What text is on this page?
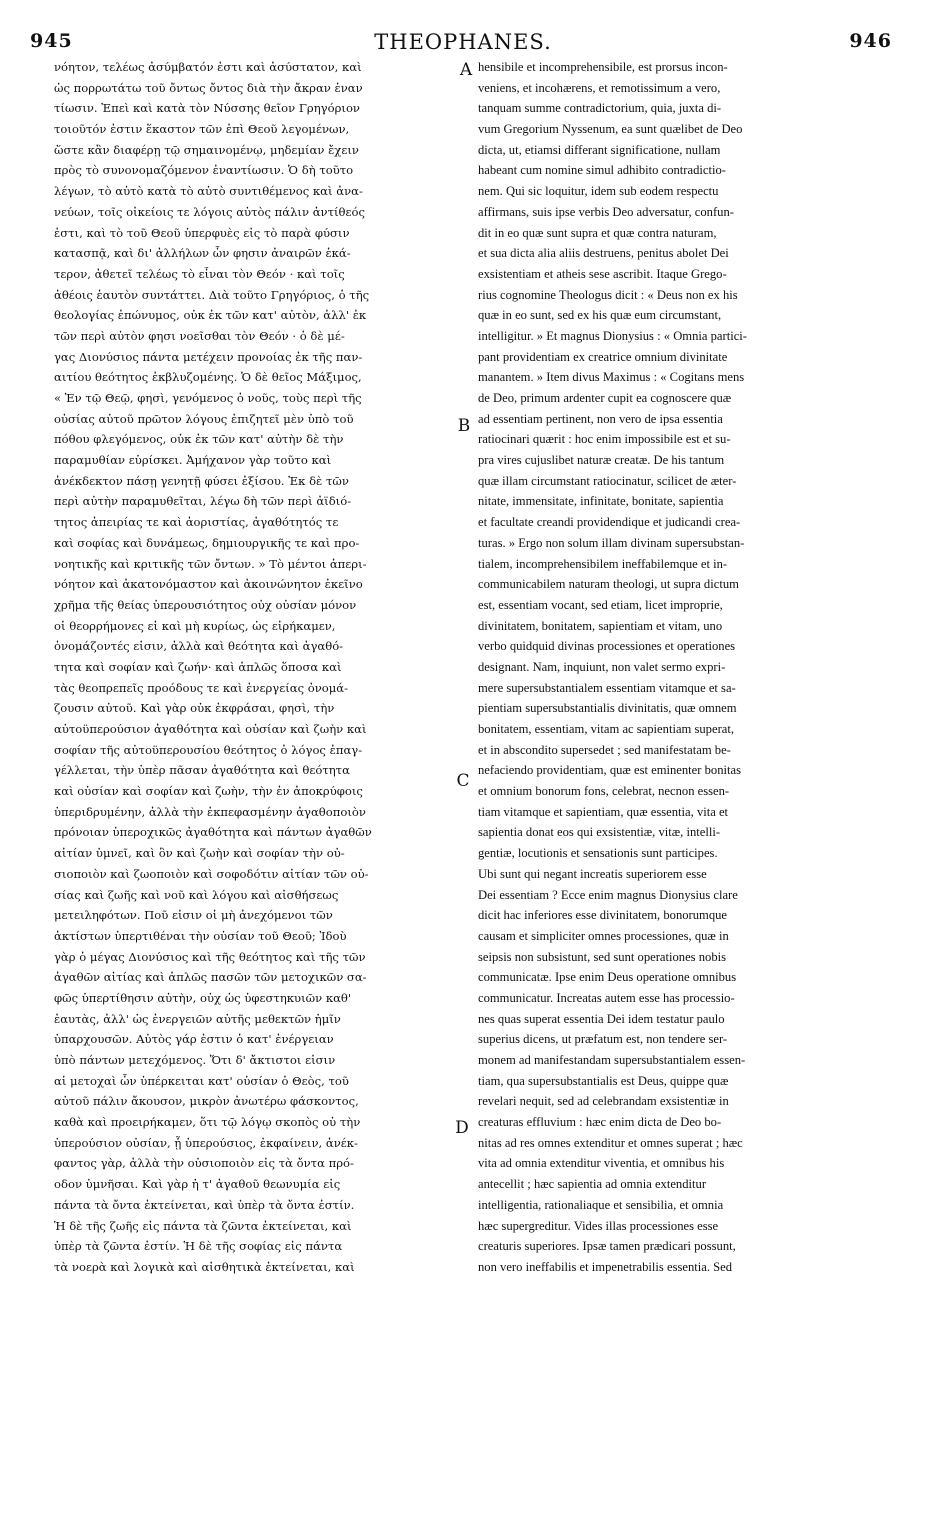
945	THEOPHANES.	946
νόητον, τελέως ἀσύμβατόν ἐστι καὶ ἀσύστατον, καὶ
ὡς πορρωτάτω τοῦ ὄντως ὄντος διὰ τὴν ἄκραν ἐναν
τίωσιν. Ἐπεὶ καὶ κατὰ τὸν Νύσσης θεῖον Γρηγόριον
τοιοῦτόν ἐστιν ἕκαστον τῶν ἐπὶ Θεοῦ λεγομένων,
ὥστε κἂν διαφέρῃ τῷ σημαινομένῳ, μηδεμίαν ἔχειν
πρὸς τὸ συνονομαζόμενον ἐναντίωσιν. Ὁ δὴ τοῦτο
λέγων, τὸ αὐτὸ κατὰ τὸ αὐτὸ συντιθέμενος καὶ ἀνα-
νεύων, τοῖς οἰκείοις τε λόγοις αὐτὸς πάλιν ἀντίθεός
ἐστι, καὶ τὸ τοῦ Θεοῦ ὑπερφυὲς εἰς τὸ παρὰ φύσιν
κατασπᾷ, καὶ δι' ἀλλήλων ὧν φησιν ἀναιρῶν ἑκά-
τερον, ἀθετεῖ τελέως τὸ εἶναι τὸν Θεόν · καὶ τοῖς
ἀθέοις ἑαυτὸν συντάττει. Διὰ τοῦτο Γρηγόριος, ὁ τῆς
θεολογίας ἐπώνυμος, οὐκ ἐκ τῶν κατ' αὐτὸν, ἀλλ' ἐκ
τῶν περὶ αὐτὸν φησι νοεῖσθαι τὸν Θεόν · ὁ δὲ μέ-
γας Διονύσιος πάντα μετέχειν προνοίας ἐκ τῆς παν-
αιτίου θεότητος ἐκβλυζομένης. Ὁ δὲ θεῖος Μάξιμος,
« Ἐν τῷ Θεῷ, φησὶ, γενόμενος ὁ νοῦς, τοὺς περὶ τῆς
οὐσίας αὐτοῦ πρῶτον λόγους ἐπιζητεῖ μὲν ὑπὸ τοῦ
πόθου φλεγόμενος, οὐκ ἐκ τῶν κατ' αὐτὴν δὲ τὴν
παραμυθίαν εὑρίσκει. Ἀμήχανον γὰρ τοῦτο καὶ
ἀνέκδεκτον πάσῃ γενητῇ φύσει ἐξίσου. Ἐκ δὲ τῶν
περὶ αὐτὴν παραμυθεῖται, λέγω δὴ τῶν περὶ ἀϊδιό-
τητος ἀπειρίας τε καὶ ἀοριστίας, ἀγαθότητός τε
καὶ σοφίας καὶ δυνάμεως, δημιουργικῆς τε καὶ προ-
νοητικῆς καὶ κριτικῆς τῶν ὄντων. » Τὸ μέντοι ἀπερι-
νόητον καὶ ἀκατονόμαστον καὶ ἀκοινώνητον ἐκεῖνο
χρῆμα τῆς θείας ὑπερουσιότητος οὐχ οὐσίαν μόνον
οἱ θεορρήμονες εἰ καὶ μὴ κυρίως, ὡς εἰρήκαμεν,
ὀνομάζοντές εἰσιν, ἀλλὰ καὶ θεότητα καὶ ἀγαθό-
τητα καὶ σοφίαν καὶ ζωήν· καὶ ἁπλῶς ὅποσα καὶ
τὰς θεοπρεπεῖς προόδους τε καὶ ἐνεργείας ὀνομά-
ζουσιν αὐτοῦ. Καὶ γὰρ οὐκ ἐκφράσαι, φησὶ, τὴν
αὐτοϋπερούσιον ἀγαθότητα καὶ οὐσίαν καὶ ζωὴν καὶ
σοφίαν τῆς αὐτοϋπερουσίου θεότητος ὁ λόγος ἐπαγ-
γέλλεται, τὴν ὑπὲρ πᾶσαν ἀγαθότητα καὶ θεότητα
καὶ οὐσίαν καὶ σοφίαν καὶ ζωὴν, τὴν ἐν ἀποκρύφοις
ὑπεριδρυμένην, ἀλλὰ τὴν ἐκπεφασμένην ἀγαθοποιὸν
πρόνοιαν ὑπεροχικῶς ἀγαθότητα καὶ πάντων ἀγαθῶν
αἰτίαν ὑμνεῖ, καὶ ὂν καὶ ζωὴν καὶ σοφίαν τὴν οὐ-
σιοποιὸν καὶ ζωοποιὸν καὶ σοφοδότιν αἰτίαν τῶν οὐ-
σίας καὶ ζωῆς καὶ νοῦ καὶ λόγου καὶ αἰσθήσεως
μετειληφότων. Ποῦ εἰσιν οἱ μὴ ἀνεχόμενοι τῶν
ἀκτίστων ὑπερτιθέναι τὴν οὐσίαν τοῦ Θεοῦ; Ἰδοὺ
γὰρ ὁ μέγας Διονύσιος καὶ τῆς θεότητος καὶ τῆς τῶν
ἀγαθῶν αἰτίας καὶ ἁπλῶς πασῶν τῶν μετοχικῶν σα-
φῶς ὑπερτίθησιν αὐτὴν, οὐχ ὡς ὑφεστηκυιῶν καθ'
ἑαυτὰς, ἀλλ' ὡς ἐνεργειῶν αὐτῆς μεθεκτῶν ἡμῖν
ὑπαρχουσῶν. Αὐτὸς γάρ ἐστιν ὁ κατ' ἐνέργειαν
ὑπὸ πάντων μετεχόμενος. Ὅτι δ' ἄκτιστοι εἰσιν
αἱ μετοχαὶ ὧν ὑπέρκειται κατ' οὐσίαν ὁ Θεὸς, τοῦ
αὐτοῦ πάλιν ἄκουσον, μικρὸν ἀνωτέρω φάσκοντος,
καθὰ καὶ προειρήκαμεν, ὅτι τῷ λόγῳ σκοπὸς οὐ τὴν
ὑπερούσιον οὐσίαν, ᾗ ὑπερούσιος, ἐκφαίνειν, ἀνέκ-
φαντος γὰρ, ἀλλὰ τὴν οὐσιοποιὸν εἰς τὰ ὄντα πρό-
οδον ὑμνῆσαι. Καὶ γὰρ ἡ τ' ἀγαθοῦ θεωνυμία εἰς
πάντα τὰ ὄντα ἐκτείνεται, καὶ ὑπὲρ τὰ ὄντα ἐστίν.
Ἡ δὲ τῆς ζωῆς εἰς πάντα τὰ ζῶντα ἐκτείνεται, καὶ
ὑπὲρ τὰ ζῶντα ἐστίν. Ἡ δὲ τῆς σοφίας εἰς πάντα
τὰ νοερὰ καὶ λογικὰ καὶ αἰσθητικὰ ἐκτείνεται, καὶ
hensibile et incomprehensibile, est prorsus incon-
veniens, et incohærens, et remotissimum a vero,
tanquam summe contradictorium, quia, juxta di-
vum Gregorium Nyssenum, ea sunt quælibet de Deo
dicta, ut, etiamsi differant significatione, nullam
habeant cum nomine simul adhibito contradictio-
nem. Qui sic loquitur, idem sub eodem respectu
affirmans, suis ipse verbis Deo adversatur, confun-
dit in eo quæ sunt supra et quæ contra naturam,
et sua dicta alia aliis destruens, penitus abolet Dei
exsistentiam et atheis sese ascribit. Itaque Grego-
rius cognomine Theologus dicit : « Deus non ex his
quæ in eo sunt, sed ex his quæ eum circumstant,
intelligitur. » Et magnus Dionysius : « Omnia partici-
pant providentiam ex creatrice omnium divinitate
manantem. » Item divus Maximus : « Cogitans mens
de Deo, primum ardenter cupit ea cognoscere quæ
ad essentiam pertinent, non vero de ipsa essentia
ratiocinari quærit : hoc enim impossibile est et su-
pra vires cujuslibet naturæ creatæ. De his tantum
quæ illam circumstant ratiocinatur, scilicet de æter-
nitate, immensitate, infinitate, bonitate, sapientia
et facultate creandi providendique et judicandi crea-
turas. » Ergo non solum illam divinam supersubstan-
tialem, incomprehensibilem ineffabilemque et in-
communicabilem naturam theologi, ut supra dictum
est, essentiam vocant, sed etiam, licet improprie,
divinitatem, bonitatem, sapientiam et vitam, uno
verbo quidquid divinas processiones et operationes
designant. Nam, inquiunt, non valet sermo expri-
mere supersubstantialem essentiam vitamque et sa-
pientiam supersubstantialis divinitatis, quæ omnem
bonitatem, essentiam, vitam ac sapientiam superat,
et in abscondito supersedet ; sed manifestatam be-
nefaciendo providentiam, quæ est eminenter bonitas
et omnium bonorum fons, celebrat, necnon essen-
tiam vitamque et sapientiam, quæ essentia, vita et
sapientia donat eos qui exsistentiæ, vitæ, intelli-
gentiæ, locutionis et sensationis sunt participes.
Ubi sunt qui negant increatis superiorem esse
Dei essentiam ? Ecce enim magnus Dionysius clare
dicit hac inferiores esse divinitatem, bonorumque
causam et simpliciter omnes processiones, quæ in
seipsis non subsistunt, sed sunt operationes nobis
communicatæ. Ipse enim Deus operatione omnibus
communicatur. Increatas autem esse has processio-
nes quas superat essentia Dei idem testatur paulo
superius dicens, ut præfatum est, non tendere ser-
monem ad manifestandam supersubstantialem essen-
tiam, qua supersubstantialis est Deus, quippe quæ
revelari nequit, sed ad celebrandam exsistentiæ in
creaturas effluvium : hæc enim dicta de Deo bo-
nitas ad res omnes extenditur et omnes superat ; hæc
vita ad omnia extenditur viventia, et omnibus his
antecellit ; hæc sapientia ad omnia extenditur
intelligentia, rationaliaque et sensibilia, et omnia
hæc supergreditur. Vides illas processiones esse
creaturis superiores. Ipsæ tamen prædicari possunt,
non vero ineffabilis et impenetrabilis essentia. Sed
A
B
C
D
